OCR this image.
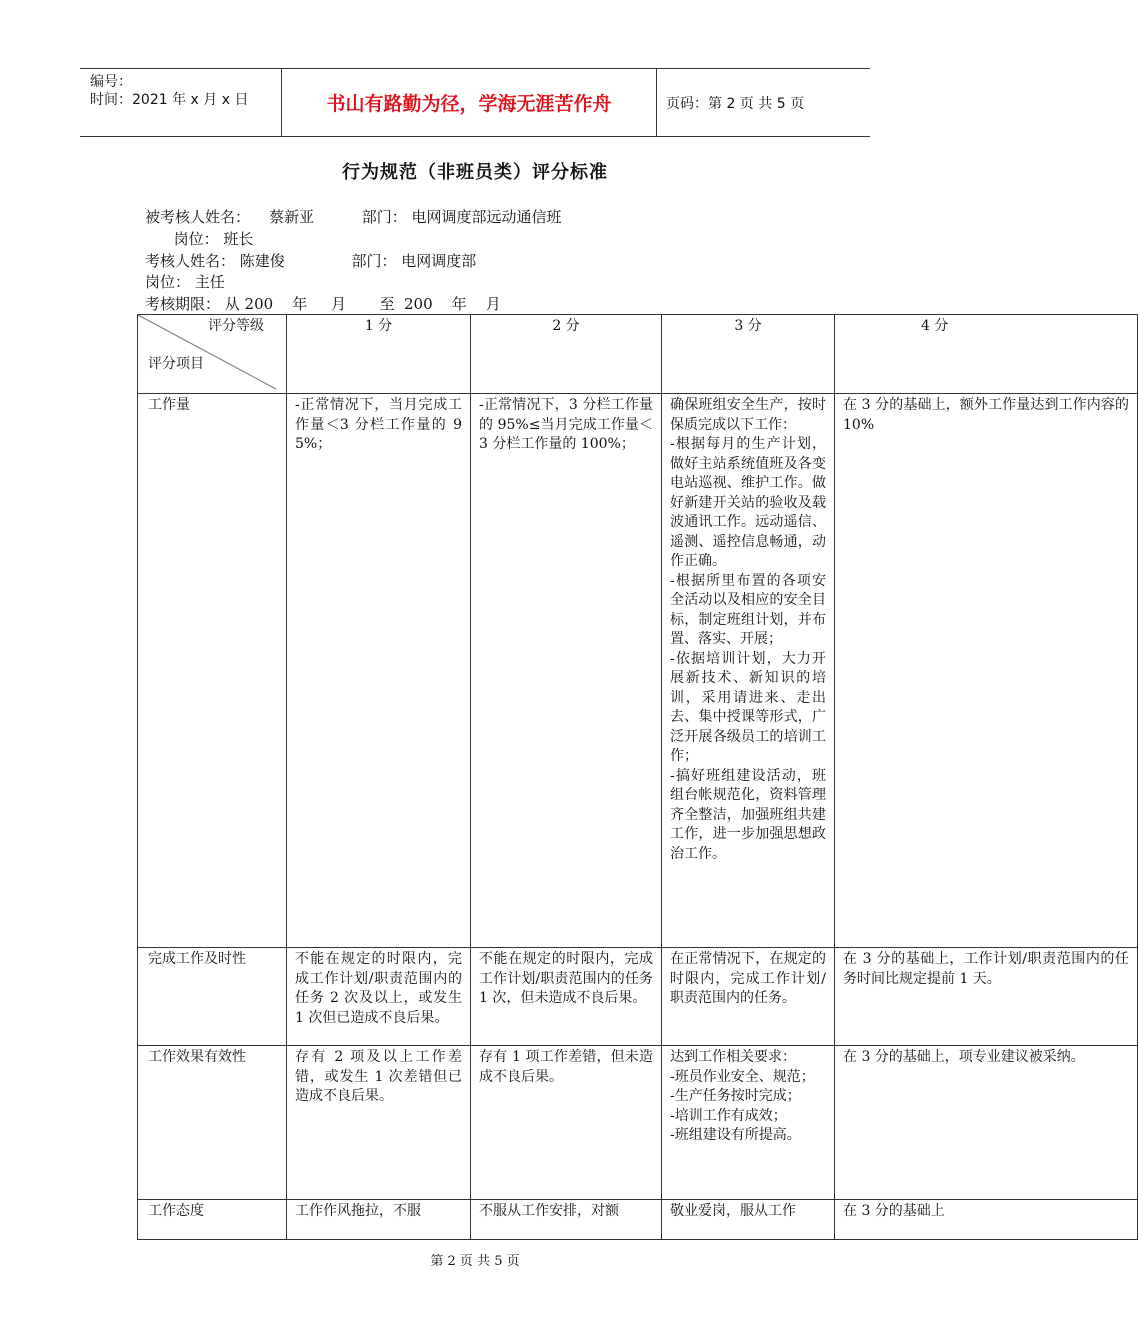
编号：
时间：2021 年 x 月 x 日	书山有路勤为径，学海无涯苦作舟	页码：第 2 页 共 5 页
行为规范（非班员类）评分标准
被考核人姓名：    蔡新亚          部门： 电网调度部远动通信班
岗位： 班长
考核人姓名： 陈建俊              部门： 电网调度部
岗位： 主任
考核期限： 从 200    年     月       至  200    年    月
评分等级
评分项目	1 分	2 分	3 分	4 分
工作量	-正常情况下，当月完成工作量＜3 分栏工作量的 95%；	-正常情况下，3 分栏工作量的 95%≤当月完成工作量＜3 分栏工作量的 100%；	确保班组安全生产，按时保质完成以下工作：
-根据每月的生产计划，做好主站系统值班及各变电站巡视、维护工作。做好新建开关站的验收及载波通讯工作。远动遥信、遥测、遥控信息畅通，动作正确。
-根据所里布置的各项安全活动以及相应的安全目标，制定班组计划，并布置、落实、开展；
-依据培训计划，大力开展新技术、新知识的培训，采用请进来、走出去、集中授课等形式，广泛开展各级员工的培训工作；
-搞好班组建设活动，班组台帐规范化，资料管理齐全整洁，加强班组共建工作，进一步加强思想政治工作。	在 3 分的基础上，额外工作量达到工作内容的 10%
完成工作及时性	不能在规定的时限内，完成工作计划/职责范围内的任务 2 次及以上，或发生 1 次但已造成不良后果。	不能在规定的时限内，完成工作计划/职责范围内的任务 1 次，但未造成不良后果。	在正常情况下，在规定的时限内，完成工作计划/职责范围内的任务。	在 3 分的基础上，工作计划/职责范围内的任务时间比规定提前 1 天。
工作效果有效性	存有 2 项及以上工作差错，或发生 1 次差错但已造成不良后果。	存有 1 项工作差错，但未造成不良后果。	达到工作相关要求：
-班员作业安全、规范；
-生产任务按时完成；
-培训工作有成效；
-班组建设有所提高。	在 3 分的基础上，项专业建议被采纳。
工作态度	工作作风拖拉，不服	不服从工作安排，对额	敬业爱岗，服从工作	在 3 分的基础上
第 2 页 共 5 页
